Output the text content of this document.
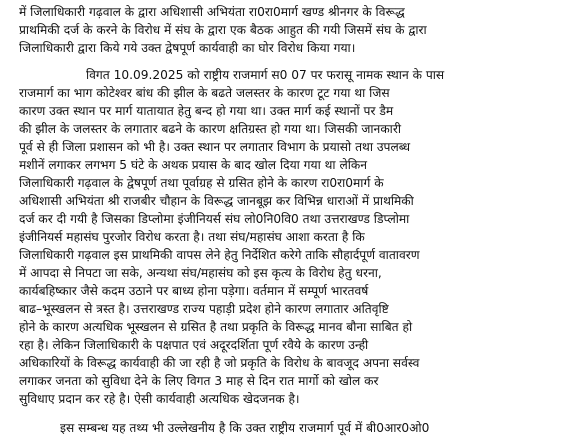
में जिलाधिकारी गढ़वाल के द्वारा अधिशासी अभियंता रा0रा0मार्ग खण्ड श्रीनगर के विरूद्ध
प्राथमिकी दर्ज के करने के विरोध में संघ के द्वारा एक बैठक आहुत की गयी जिसमें संघ के द्वारा
जिलाधिकारी द्वारा किये गये उक्त द्वेषपूर्ण कार्यवाही का घोर विरोध किया गया।
विगत 10.09.2025 को राष्ट्रीय राजमार्ग स0 07 पर फरासू नामक स्थान के पास
राजमार्ग का भाग कोटेश्वर बांध की झील के बढते जलस्तर के कारण टूट गया था जिस
कारण उक्त स्थान पर मार्ग यातायात हेतु बन्द हो गया था। उक्त मार्ग कई स्थानों पर डैम
की झील के जलस्तर के लगातार बढने के कारण क्षतिग्रस्त हो गया था। जिसकी जानकारी
पूर्व से ही जिला प्रशासन को भी है। उक्त स्थान पर लगातार विभाग के प्रयासो तथा उपलब्ध
मशीनें लगाकर लगभग 5 घंटे के अथक प्रयास के बाद खोल दिया गया था लेकिन
जिलाधिकारी गढ़वाल के द्वेषपूर्ण तथा पूर्वाग्रह से ग्रसित होने के कारण रा0रा0मार्ग के
अधिशासी अभियंता श्री राजबीर चौहान के विरूद्ध जानबूझ कर विभिन्न धाराओं में प्राथमिकी
दर्ज कर दी गयी है जिसका डिप्लोमा इंजीनियर्स संघ लो0नि0वि0 तथा उत्तराखण्ड डिप्लोमा
इंजीनियर्स महासंघ पुरजोर विरोध करता है। तथा संघ/महासंघ आशा करता है कि
जिलाधिकारी गढ़वाल इस प्राथमिकी वापस लेने हेतु निर्देशित करेगे ताकि सौहार्दपूर्ण वातावरण
में आपदा से निपटा जा सके, अन्यथा संघ/महासंघ को इस कृत्य के विरोध हेतु धरना,
कार्यबहिष्कार जैसे कदम उठाने पर बाध्य होना पड़ेगा। वर्तमान में सम्पूर्ण भारतवर्ष
बाढ–भूस्खलन से त्रस्त है। उत्तराखण्ड राज्य पहाड़ी प्रदेश होने कारण लगातार अतिवृष्टि
होने के कारण अत्यधिक भूस्खलन से ग्रसित है तथा प्रकृति के विरूद्ध मानव बौना साबित हो
रहा है। लेकिन जिलाधिकारी के पक्षपात एवं अदूरदर्शिता पूर्ण रवैये के कारण उन्ही
अधिकारियों के विरूद्ध कार्यवाही की जा रही है जो प्रकृति के विरोध के बावजूद अपना सर्वस्व
लगाकर जनता को सुविधा देने के लिए विगत 3 माह से दिन रात मार्गो को खोल कर
सुविधाए प्रदान कर रहे है। ऐसी कार्यवाही अत्यधिक खेदजनक है।
इस सम्बन्ध यह तथ्य भी उल्लेखनीय है कि उक्त राष्ट्रीय राजमार्ग पूर्व में बी0आर0ओ0
